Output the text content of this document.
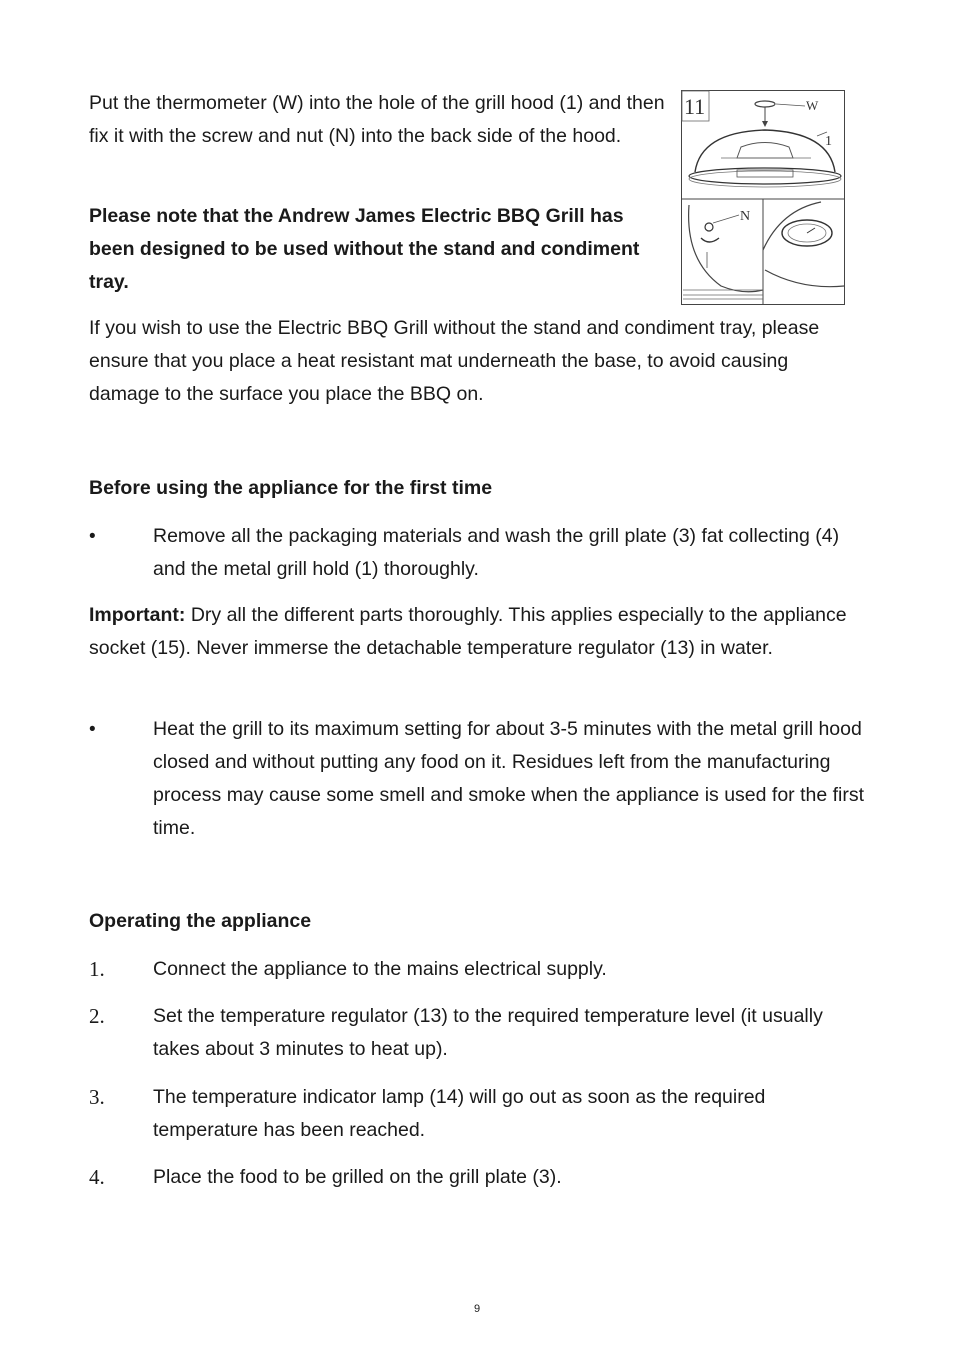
Put the thermometer (W) into the hole of the grill hood (1) and then fix it with the screw and nut (N) into the back side of the hood.

Please note that the Andrew James Electric BBQ Grill has been designed to be used without the stand and condiment tray.

If you wish to use the Electric BBQ Grill without the stand and condiment tray, please ensure that you place a heat resistant mat underneath the base, to avoid causing damage to the surface you place the BBQ on.

11	W
1
N

Before using the appliance for the first time

•	Remove all the packaging materials and wash the grill plate (3) fat collecting (4) and the metal grill hold (1) thoroughly.

Important: Dry all the different parts thoroughly. This applies especially to the appliance socket (15). Never immerse the detachable temperature regulator (13) in water.

•	Heat the grill to its maximum setting for about 3-5 minutes with the metal grill hood closed and without putting any food on it. Residues left from the manufacturing process may cause some smell and smoke when the appliance is used for the first time.

Operating the appliance

1. Connect the appliance to the mains electrical supply.

2. Set the temperature regulator (13) to the required temperature level (it usually takes about 3 minutes to heat up).

3. The temperature indicator lamp (14) will go out as soon as the required temperature has been reached.

4. Place the food to be grilled on the grill plate (3).

9
